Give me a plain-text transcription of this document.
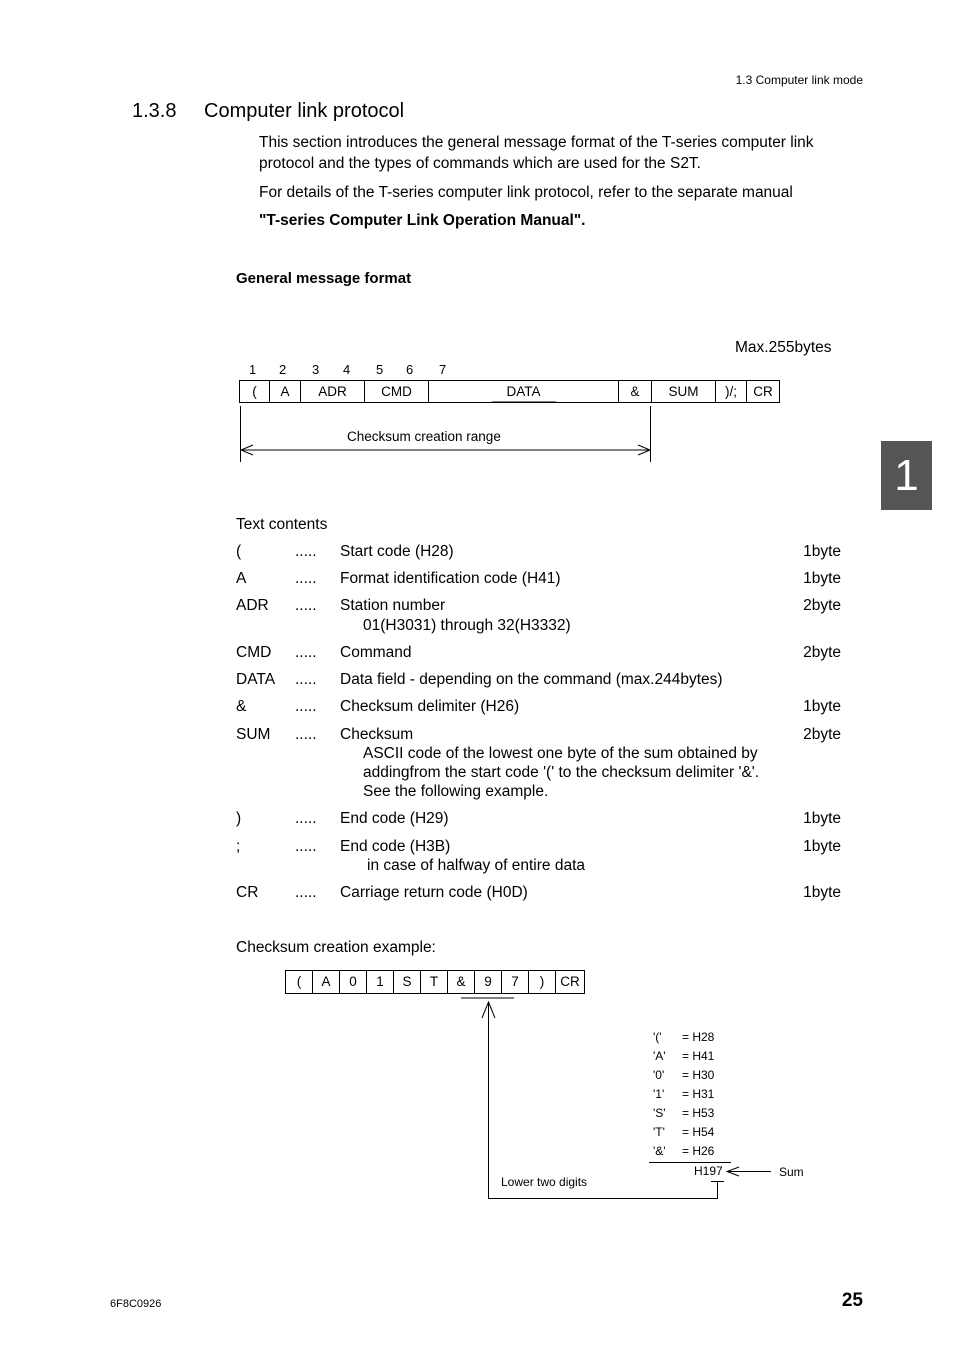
1.3 Computer link mode
1.3.8 Computer link protocol
This section introduces the general message format of the T-series computer link
protocol and the types of commands which are used for the S2T.
For details of the T-series computer link protocol, refer to the separate manual
"T-series Computer Link Operation Manual".
General message format
Max.255bytes
1 2 3 4 5 6 7
(	A	ADR	CMD	DATA	&	SUM	)/;	CR
Checksum creation range
1
Text contents
(	..... Start code (H28)	1byte
A	..... Format identification code (H41)	1byte
ADR ..... Station number	2byte
01(H3031) through 32(H3332)
CMD ..... Command	2byte
DATA ..... Data field - depending on the command (max.244bytes)
&	..... Checksum delimiter (H26)	1byte
SUM ..... Checksum	2byte
ASCII code of the lowest one byte of the sum obtained by
addingfrom the start code '(' to the checksum delimiter '&'.
See the following example.
)	..... End code (H29)	1byte
;	..... End code (H3B)	1byte
in case of halfway of entire data
CR ..... Carriage return code (H0D)	1byte
Checksum creation example:
(	A	0	1	S	T	&	9	7	)	CR
'(' = H28
'A' = H41
'0' = H30
'1' = H31
'S' = H53
'T' = H54
'&' = H26
H197	Sum
Lower two digits
6F8C0926	25
